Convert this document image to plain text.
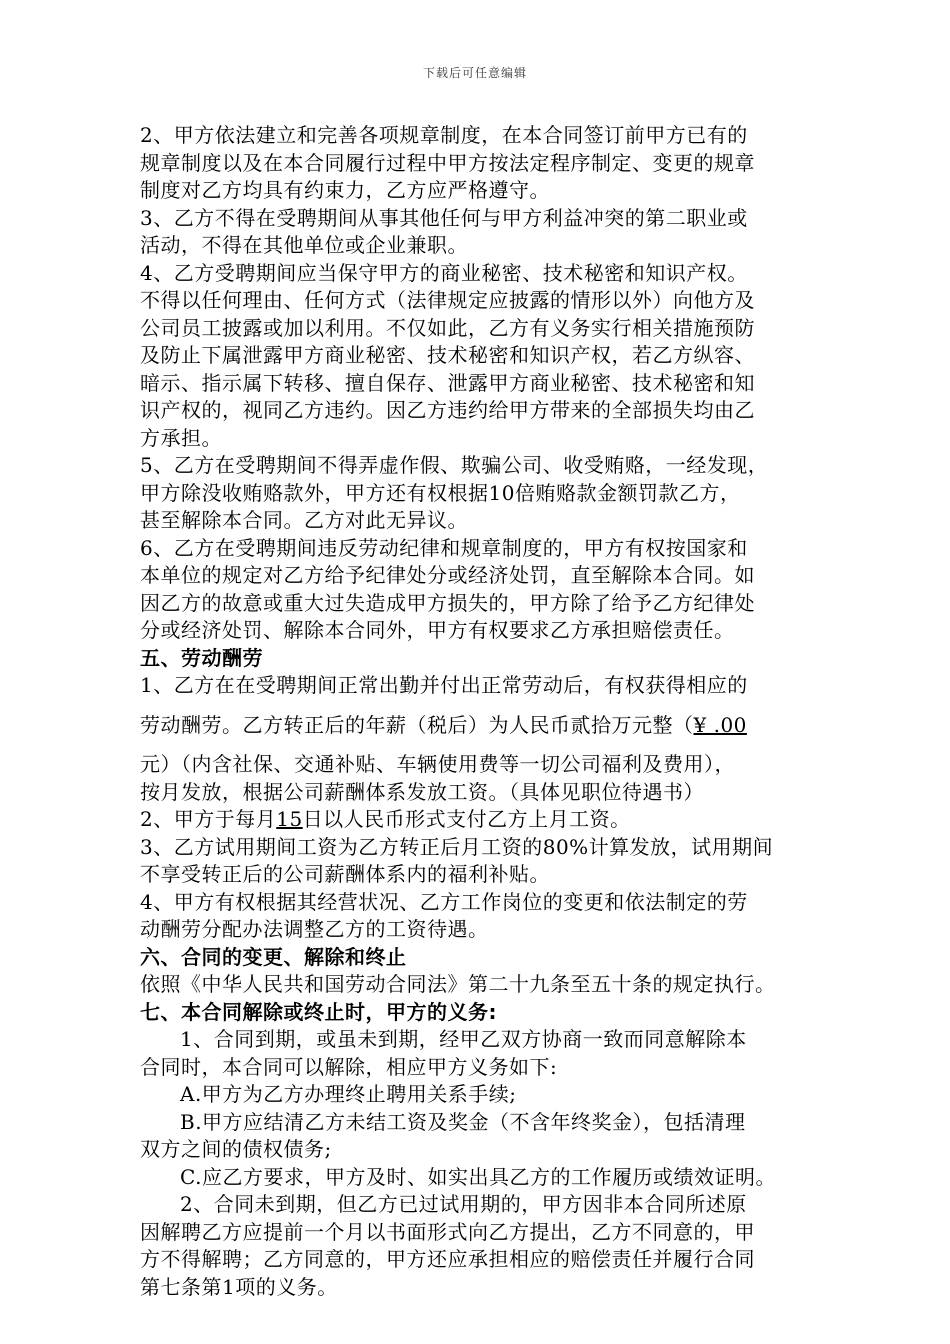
下载后可任意编辑
2、甲方依法建立和完善各项规章制度，在本合同签订前甲方已有的
规章制度以及在本合同履行过程中甲方按法定程序制定、变更的规章
制度对乙方均具有约束力，乙方应严格遵守。
3、乙方不得在受聘期间从事其他任何与甲方利益冲突的第二职业或
活动，不得在其他单位或企业兼职。
4、乙方受聘期间应当保守甲方的商业秘密、技术秘密和知识产权。
不得以任何理由、任何方式（法律规定应披露的情形以外）向他方及
公司员工披露或加以利用。不仅如此，乙方有义务实行相关措施预防
及防止下属泄露甲方商业秘密、技术秘密和知识产权，若乙方纵容、
暗示、指示属下转移、擅自保存、泄露甲方商业秘密、技术秘密和知
识产权的，视同乙方违约。因乙方违约给甲方带来的全部损失均由乙
方承担。
5、乙方在受聘期间不得弄虚作假、欺骗公司、收受贿赂，一经发现，
甲方除没收贿赂款外，甲方还有权根据10倍贿赂款金额罚款乙方，
甚至解除本合同。乙方对此无异议。
6、乙方在受聘期间违反劳动纪律和规章制度的，甲方有权按国家和
本单位的规定对乙方给予纪律处分或经济处罚，直至解除本合同。如
因乙方的故意或重大过失造成甲方损失的，甲方除了给予乙方纪律处
分或经济处罚、解除本合同外，甲方有权要求乙方承担赔偿责任。
五、劳动酬劳
1、乙方在在受聘期间正常出勤并付出正常劳动后，有权获得相应的
劳动酬劳。乙方转正后的年薪（税后）为人民币贰拾万元整（¥ .00
元）（内含社保、交通补贴、车辆使用费等一切公司福利及费用），
按月发放，根据公司薪酬体系发放工资。（具体见职位待遇书）
2、甲方于每月15日以人民币形式支付乙方上月工资。
3、乙方试用期间工资为乙方转正后月工资的80%计算发放，试用期间
不享受转正后的公司薪酬体系内的福利补贴。
4、甲方有权根据其经营状况、乙方工作岗位的变更和依法制定的劳
动酬劳分配办法调整乙方的工资待遇。
六、合同的变更、解除和终止
依照《中华人民共和国劳动合同法》第二十九条至五十条的规定执行。
七、本合同解除或终止时，甲方的义务:
1、合同到期，或虽未到期，经甲乙双方协商一致而同意解除本
合同时，本合同可以解除，相应甲方义务如下:
A.甲方为乙方办理终止聘用关系手续;
B.甲方应结清乙方未结工资及奖金（不含年终奖金），包括清理
双方之间的债权债务;
C.应乙方要求，甲方及时、如实出具乙方的工作履历或绩效证明。
2、合同未到期，但乙方已过试用期的，甲方因非本合同所述原
因解聘乙方应提前一个月以书面形式向乙方提出，乙方不同意的，甲
方不得解聘；乙方同意的，甲方还应承担相应的赔偿责任并履行合同
第七条第1项的义务。
